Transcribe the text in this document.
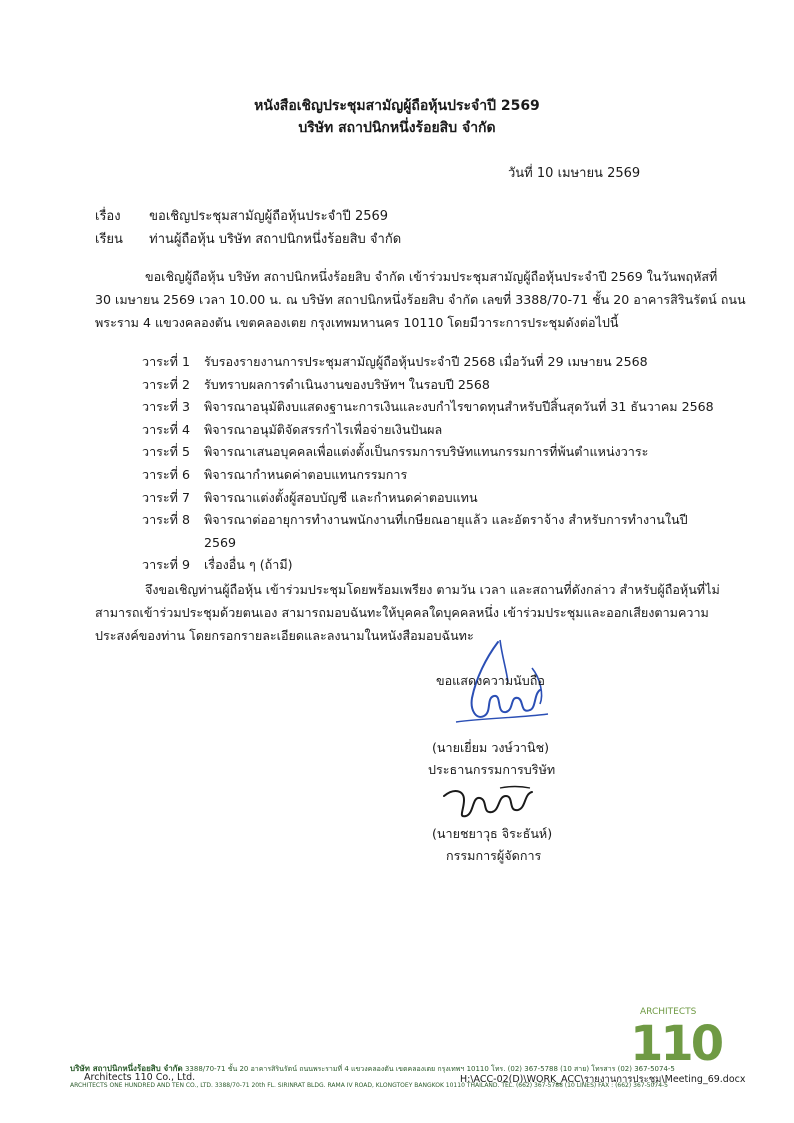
หนังสือเชิญประชุมสามัญผู้ถือหุ้นประจำปี 2569
บริษัท สถาปนิกหนึ่งร้อยสิบ จำกัด
วันที่ 10 เมษายน 2569
เรื่อง ขอเชิญประชุมสามัญผู้ถือหุ้นประจำปี 2569
เรียน ท่านผู้ถือหุ้น บริษัท สถาปนิกหนึ่งร้อยสิบ จำกัด
ขอเชิญผู้ถือหุ้น บริษัท สถาปนิกหนึ่งร้อยสิบ จำกัด เข้าร่วมประชุมสามัญผู้ถือหุ้นประจำปี 2569 ในวันพฤหัสที่
30 เมษายน 2569 เวลา 10.00 น. ณ บริษัท สถาปนิกหนึ่งร้อยสิบ จำกัด เลขที่ 3388/70-71 ชั้น 20 อาคารสิรินรัตน์ ถนน
พระราม 4 แขวงคลองตัน เขตคลองเตย กรุงเทพมหานคร 10110 โดยมีวาระการประชุมดังต่อไปนี้
วาระที่ 1	รับรองรายงานการประชุมสามัญผู้ถือหุ้นประจำปี 2568 เมื่อวันที่ 29 เมษายน 2568
วาระที่ 2	รับทราบผลการดำเนินงานของบริษัทฯ ในรอบปี 2568
วาระที่ 3	พิจารณาอนุมัติงบแสดงฐานะการเงินและงบกำไรขาดทุนสำหรับปีสิ้นสุดวันที่ 31 ธันวาคม 2568
วาระที่ 4	พิจารณาอนุมัติจัดสรรกำไรเพื่อจ่ายเงินปันผล
วาระที่ 5	พิจารณาเสนอบุคคลเพื่อแต่งตั้งเป็นกรรมการบริษัทแทนกรรมการที่พ้นตำแหน่งวาระ
วาระที่ 6	พิจารณากำหนดค่าตอบแทนกรรมการ
วาระที่ 7	พิจารณาแต่งตั้งผู้สอบบัญชี และกำหนดค่าตอบแทน
วาระที่ 8	พิจารณาต่ออายุการทำงานพนักงานที่เกษียณอายุแล้ว และอัตราจ้าง สำหรับการทำงานในปี
2569
วาระที่ 9	เรื่องอื่น ๆ (ถ้ามี)
จึงขอเชิญท่านผู้ถือหุ้น เข้าร่วมประชุมโดยพร้อมเพรียง ตามวัน เวลา และสถานที่ดังกล่าว สำหรับผู้ถือหุ้นที่ไม่
สามารถเข้าร่วมประชุมด้วยตนเอง สามารถมอบฉันทะให้บุคคลใดบุคคลหนึ่ง เข้าร่วมประชุมและออกเสียงตามความ
ประสงค์ของท่าน โดยกรอกรายละเอียดและลงนามในหนังสือมอบฉันทะ
ขอแสดงความนับถือ
(นายเยี่ยม วงษ์วานิช)
ประธานกรรมการบริษัท
(นายชยาวุธ จิระธันห์)
กรรมการผู้จัดการ
ARCHITECTS
110
บริษัท สถาปนิกหนึ่งร้อยสิบ จำกัด 3388/70-71 ชั้น 20 อาคารสิรินรัตน์ ถนนพระรามที่ 4 แขวงคลองตัน เขตคลองเตย กรุงเทพฯ 10110 โทร. (02) 367-5788 (10 สาย) โทรสาร (02) 367-5074-5
Architects 110 Co., Ltd.	H:\ACC-02(D)\WORK_ACC\รายงานการประชุม\Meeting_69.docx
ARCHITECTS ONE HUNDRED AND TEN CO., LTD. 3388/70-71 20th FL. SIRINRAT BLDG. RAMA IV ROAD, KLONGTOEY BANGKOK 10110 THAILAND. TEL. (662) 367-5788 (10 LINES) FAX : (662) 367-5074-5
